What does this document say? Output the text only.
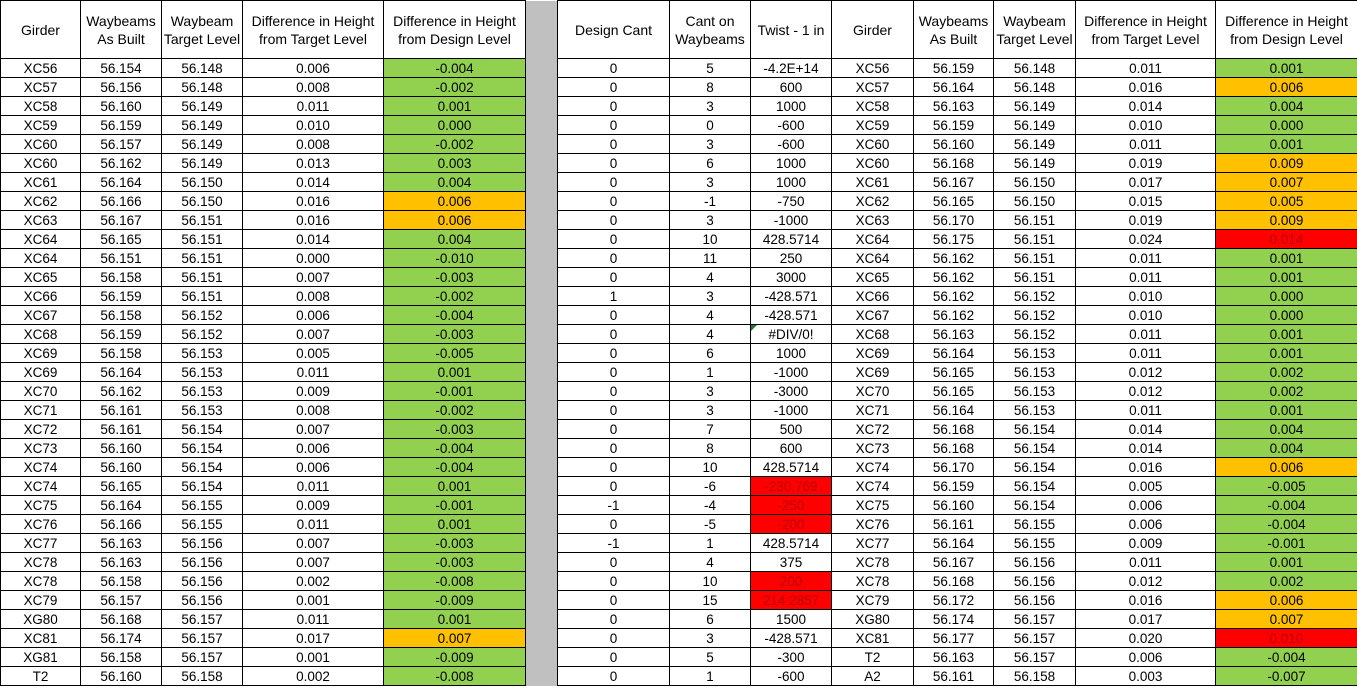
Girder	Waybeams As Built	Waybeam Target Level	Difference in Height from Target Level	Difference in Height from Design Level		Design Cant	Cant on Waybeams	Twist - 1 in	Girder	Waybeams As Built	Waybeam Target Level	Difference in Height from Target Level	Difference in Height from Design Level
XC56	56.154	56.148	0.006	-0.004		0	5	-4.2E+14	XC56	56.159	56.148	0.011	0.001
XC57	56.156	56.148	0.008	-0.002		0	8	600	XC57	56.164	56.148	0.016	0.006
XC58	56.160	56.149	0.011	0.001		0	3	1000	XC58	56.163	56.149	0.014	0.004
XC59	56.159	56.149	0.010	0.000		0	0	-600	XC59	56.159	56.149	0.010	0.000
XC60	56.157	56.149	0.008	-0.002		0	3	-600	XC60	56.160	56.149	0.011	0.001
XC60	56.162	56.149	0.013	0.003		0	6	1000	XC60	56.168	56.149	0.019	0.009
XC61	56.164	56.150	0.014	0.004		0	3	1000	XC61	56.167	56.150	0.017	0.007
XC62	56.166	56.150	0.016	0.006		0	-1	-750	XC62	56.165	56.150	0.015	0.005
XC63	56.167	56.151	0.016	0.006		0	3	-1000	XC63	56.170	56.151	0.019	0.009
XC64	56.165	56.151	0.014	0.004		0	10	428.5714	XC64	56.175	56.151	0.024	0.014
XC64	56.151	56.151	0.000	-0.010		0	11	250	XC64	56.162	56.151	0.011	0.001
XC65	56.158	56.151	0.007	-0.003		0	4	3000	XC65	56.162	56.151	0.011	0.001
XC66	56.159	56.151	0.008	-0.002		1	3	-428.571	XC66	56.162	56.152	0.010	0.000
XC67	56.158	56.152	0.006	-0.004		0	4	-428.571	XC67	56.162	56.152	0.010	0.000
XC68	56.159	56.152	0.007	-0.003		0	4	#DIV/0!	XC68	56.163	56.152	0.011	0.001
XC69	56.158	56.153	0.005	-0.005		0	6	1000	XC69	56.164	56.153	0.011	0.001
XC69	56.164	56.153	0.011	0.001		0	1	-1000	XC69	56.165	56.153	0.012	0.002
XC70	56.162	56.153	0.009	-0.001		0	3	-3000	XC70	56.165	56.153	0.012	0.002
XC71	56.161	56.153	0.008	-0.002		0	3	-1000	XC71	56.164	56.153	0.011	0.001
XC72	56.161	56.154	0.007	-0.003		0	7	500	XC72	56.168	56.154	0.014	0.004
XC73	56.160	56.154	0.006	-0.004		0	8	600	XC73	56.168	56.154	0.014	0.004
XC74	56.160	56.154	0.006	-0.004		0	10	428.5714	XC74	56.170	56.154	0.016	0.006
XC74	56.165	56.154	0.011	0.001		0	-6	-230.769	XC74	56.159	56.154	0.005	-0.005
XC75	56.164	56.155	0.009	-0.001		-1	-4	-250	XC75	56.160	56.154	0.006	-0.004
XC76	56.166	56.155	0.011	0.001		0	-5	-200	XC76	56.161	56.155	0.006	-0.004
XC77	56.163	56.156	0.007	-0.003		-1	1	428.5714	XC77	56.164	56.155	0.009	-0.001
XC78	56.163	56.156	0.007	-0.003		0	4	375	XC78	56.167	56.156	0.011	0.001
XC78	56.158	56.156	0.002	-0.008		0	10	200	XC78	56.168	56.156	0.012	0.002
XC79	56.157	56.156	0.001	-0.009		0	15	214.2857	XC79	56.172	56.156	0.016	0.006
XG80	56.168	56.157	0.011	0.001		0	6	1500	XG80	56.174	56.157	0.017	0.007
XC81	56.174	56.157	0.017	0.007		0	3	-428.571	XC81	56.177	56.157	0.020	0.010
XG81	56.158	56.157	0.001	-0.009		0	5	-300	T2	56.163	56.157	0.006	-0.004
T2	56.160	56.158	0.002	-0.008		0	1	-600	A2	56.161	56.158	0.003	-0.007
